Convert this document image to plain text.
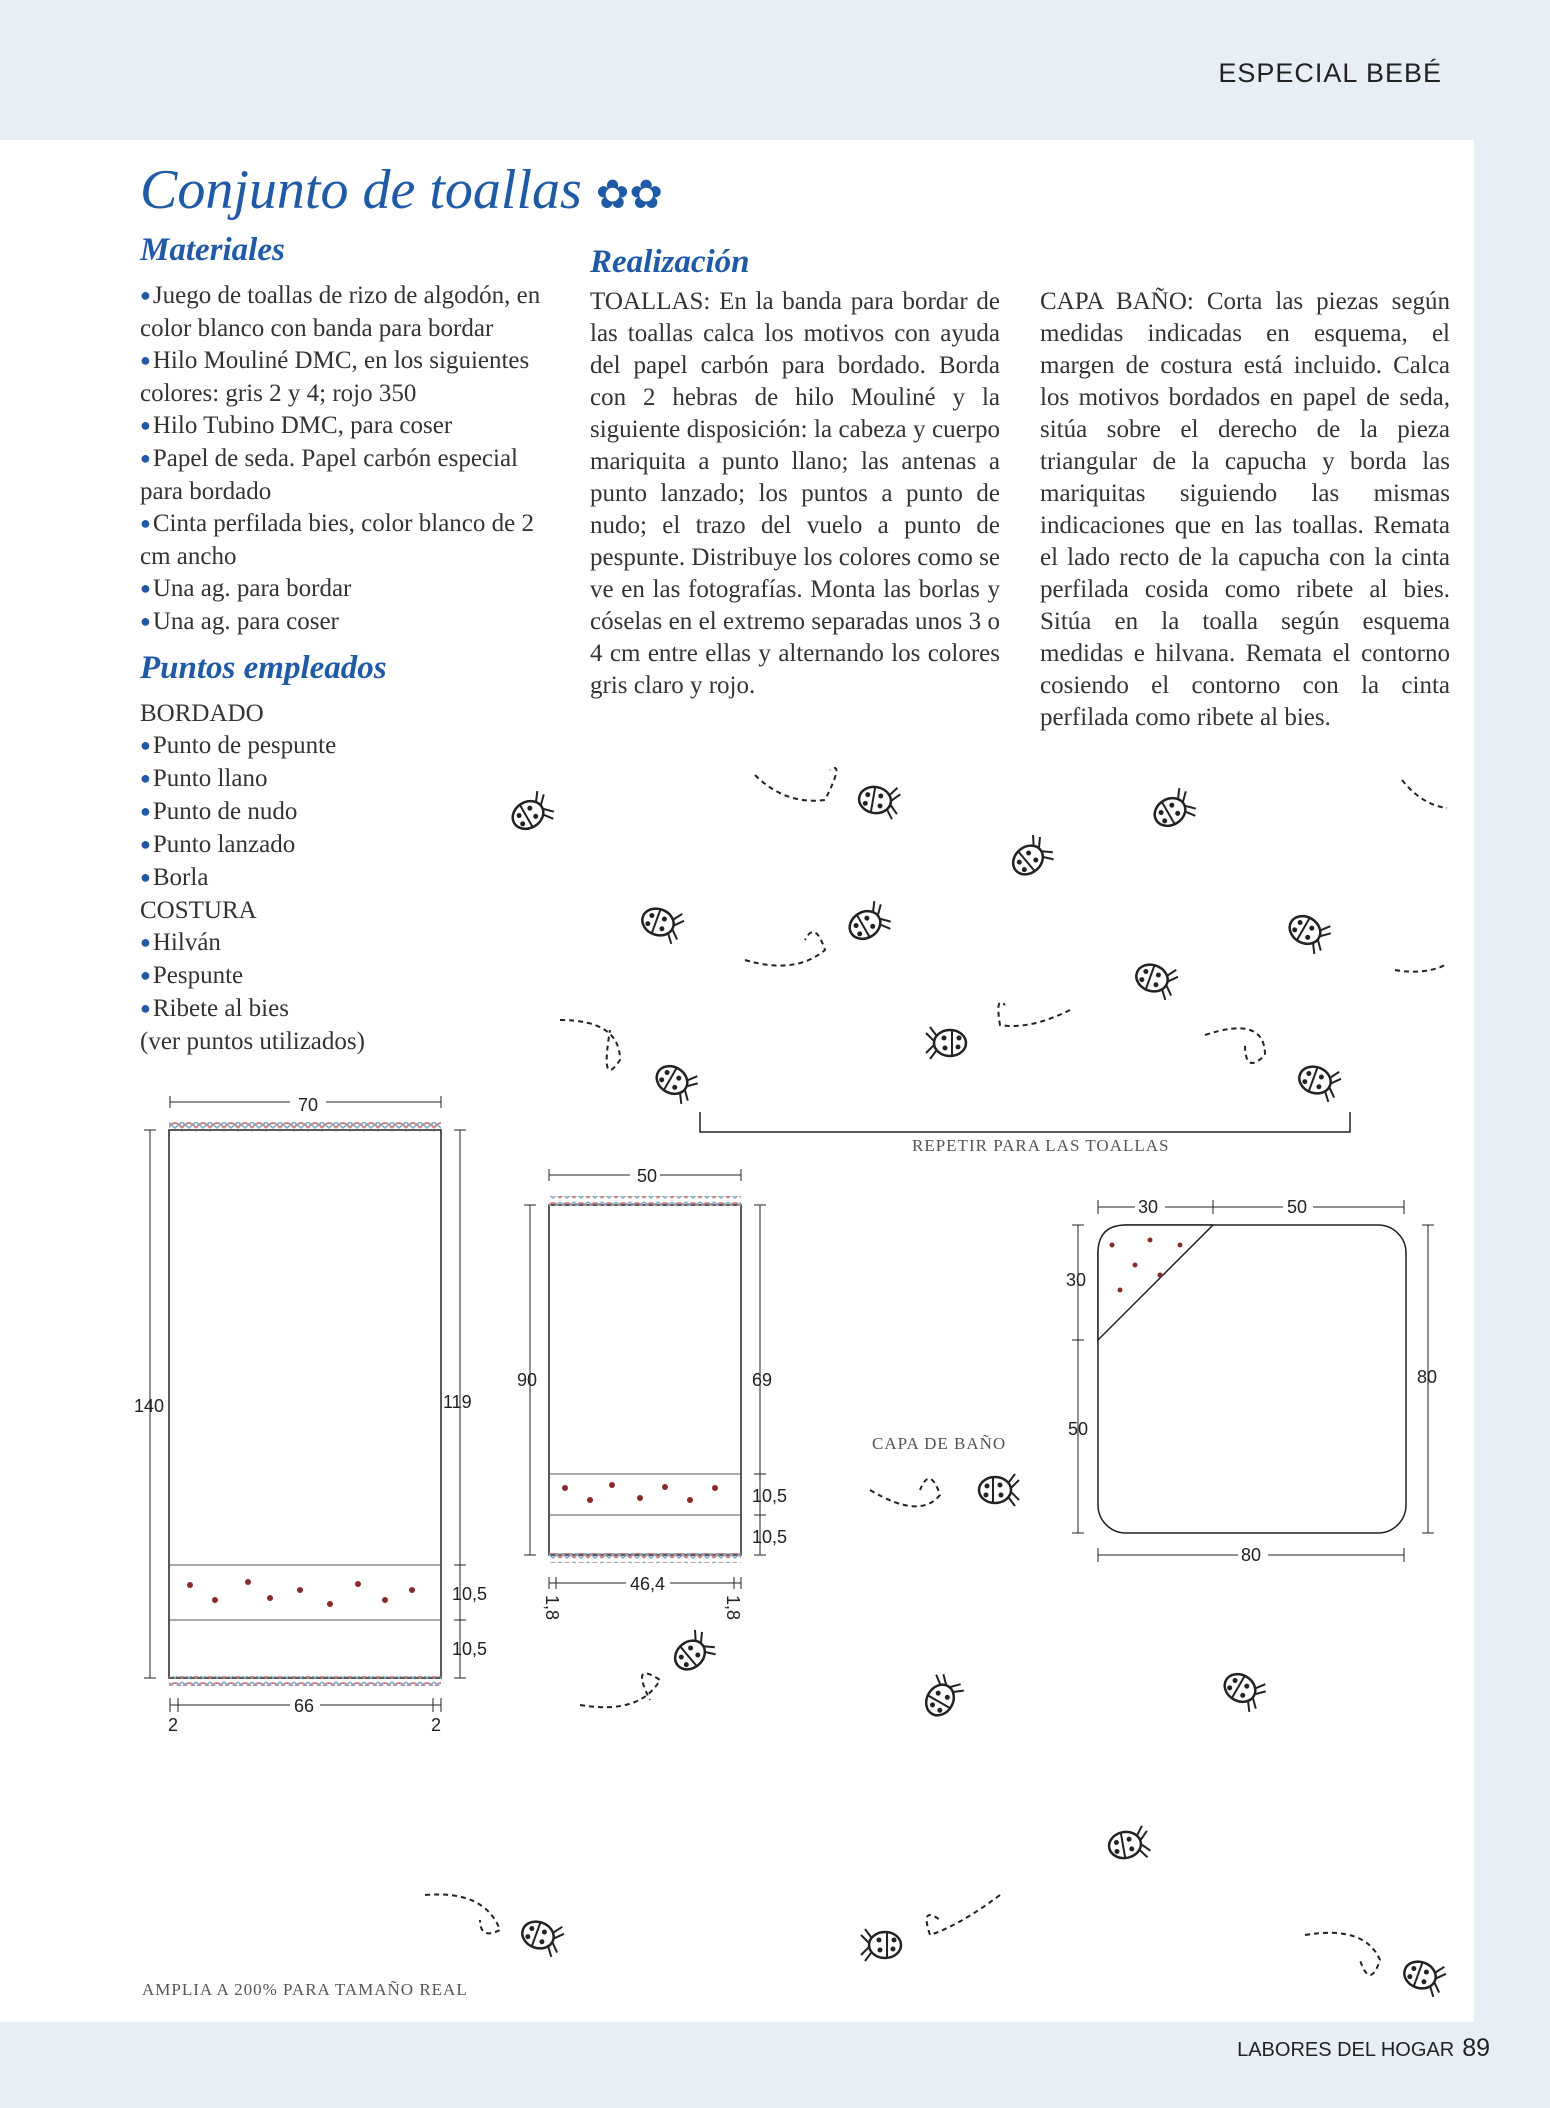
ESPECIAL BEBÉ
Conjunto de toallas ✿✿
Materiales
● Juego de toallas de rizo de algodón, en color blanco con banda para bordar
● Hilo Mouliné DMC, en los siguientes colores: gris 2 y 4; rojo 350
● Hilo Tubino DMC, para coser
● Papel de seda. Papel carbón especial para bordado
● Cinta perfilada bies, color blanco de 2 cm ancho
● Una ag. para bordar
● Una ag. para coser
Puntos empleados
BORDADO
● Punto de pespunte
● Punto llano
● Punto de nudo
● Punto lanzado
● Borla
COSTURA
● Hilván
● Pespunte
● Ribete al bies
(ver puntos utilizados)
Realización

TOALLAS: En la banda para bordar de las toallas calca los motivos con ayuda del papel carbón para bordado. Borda con 2 hebras de hilo Mouliné y la siguiente disposición: la cabeza y cuerpo mariquita a punto llano; las antenas a punto lanzado; los puntos a punto de nudo; el trazo del vuelo a punto de pespunte. Distribuye los colores como se ve en las fotografías. Monta las borlas y cóselas en el extremo separadas unos 3 o 4 cm entre ellas y alternando los colores gris claro y rojo.

CAPA BAÑO: Corta las piezas según medidas indicadas en esquema, el margen de costura está incluido. Calca los motivos bordados en papel de seda, sitúa sobre el derecho de la pieza triangular de la capucha y borda las mariquitas siguiendo las mismas indicaciones que en las toallas. Remata el lado recto de la capucha con la cinta perfilada cosida como ribete al bies. Sitúa en la toalla según esquema medidas e hilvana. Remata el contorno cosiendo el contorno con la cinta perfilada como ribete al bies.

70
140	119
10,5
10,5
66
2	2
50
90	69
10,5
10,5
46,4
1,8	1,8
30	50
30
50
80
80
REPETIR PARA LAS TOALLAS
CAPA DE BAÑO
AMPLIA A 200% PARA TAMAÑO REAL
LABORES DEL HOGAR 89
